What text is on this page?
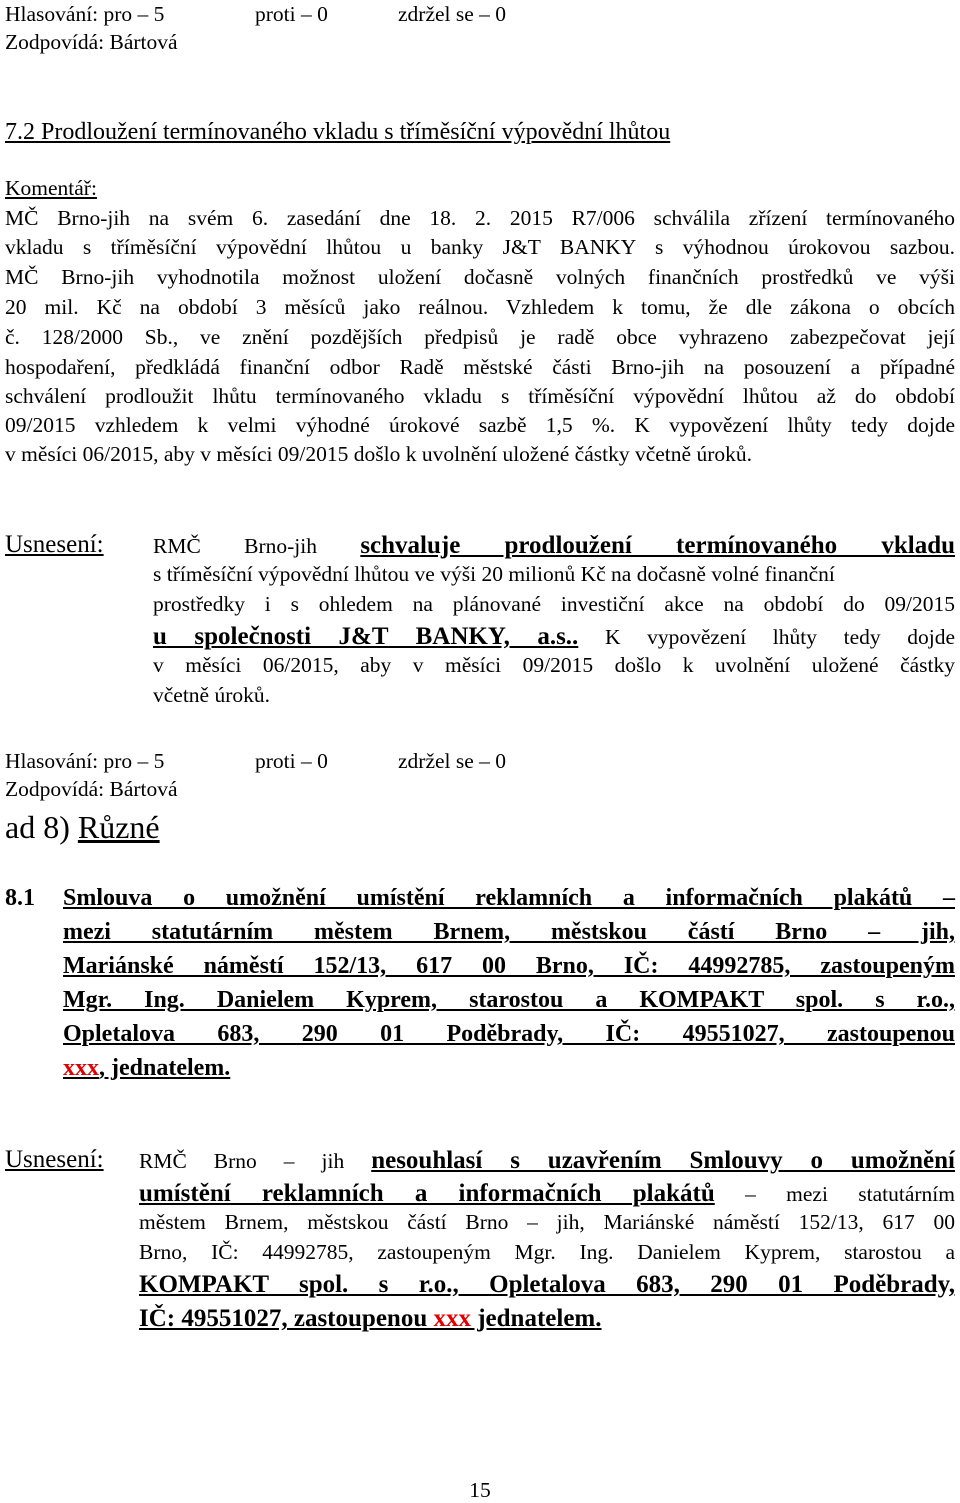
Hlasování: pro – 5	proti – 0	zdržel se – 0
Zodpovídá: Bártová
7.2 Prodloužení termínovaného vkladu s tříměsíční výpovědní lhůtou
Komentář:
MČ Brno-jih na svém 6. zasedání dne 18. 2. 2015 R7/006 schválila zřízení termínovaného
vkladu s tříměsíční výpovědní lhůtou u banky J&T BANKY s výhodnou úrokovou sazbou.
MČ Brno-jih vyhodnotila možnost uložení dočasně volných finančních prostředků ve výši
20 mil. Kč na období 3 měsíců jako reálnou. Vzhledem k tomu, že dle zákona o obcích
č. 128/2000 Sb., ve znění pozdějších předpisů je radě obce vyhrazeno zabezpečovat její
hospodaření, předkládá finanční odbor Radě městské části Brno-jih na posouzení a případné
schválení prodloužit lhůtu termínovaného vkladu s tříměsíční výpovědní lhůtou až do období
09/2015 vzhledem k velmi výhodné úrokové sazbě 1,5 %. K vypovězení lhůty tedy dojde
v měsíci 06/2015, aby v měsíci 09/2015 došlo k uvolnění uložené částky včetně úroků.
Usnesení: RMČ Brno-jih schvaluje prodloužení termínovaného vkladu
s tříměsíční výpovědní lhůtou ve výši 20 milionů Kč na dočasně volné finanční
prostředky i s ohledem na plánované investiční akce na období do 09/2015
u společnosti J&T BANKY, a.s.. K vypovězení lhůty tedy dojde
v měsíci 06/2015, aby v měsíci 09/2015 došlo k uvolnění uložené částky
včetně úroků.
Hlasování: pro – 5	proti – 0	zdržel se – 0
Zodpovídá: Bártová
ad 8) Různé
8.1 Smlouva o umožnění umístění reklamních a informačních plakátů –
mezi statutárním městem Brnem, městskou částí Brno – jih,
Mariánské náměstí 152/13, 617 00 Brno, IČ: 44992785, zastoupeným
Mgr. Ing. Danielem Kyprem, starostou a KOMPAKT spol. s r.o.,
Opletalova 683, 290 01 Poděbrady, IČ: 49551027, zastoupenou
xxx, jednatelem.
Usnesení: RMČ Brno – jih nesouhlasí s uzavřením Smlouvy o umožnění
umístění reklamních a informačních plakátů – mezi statutárním
městem Brnem, městskou částí Brno – jih, Mariánské náměstí 152/13, 617 00
Brno, IČ: 44992785, zastoupeným Mgr. Ing. Danielem Kyprem, starostou a
KOMPAKT spol. s r.o., Opletalova 683, 290 01 Poděbrady,
IČ: 49551027, zastoupenou xxx jednatelem.
15
